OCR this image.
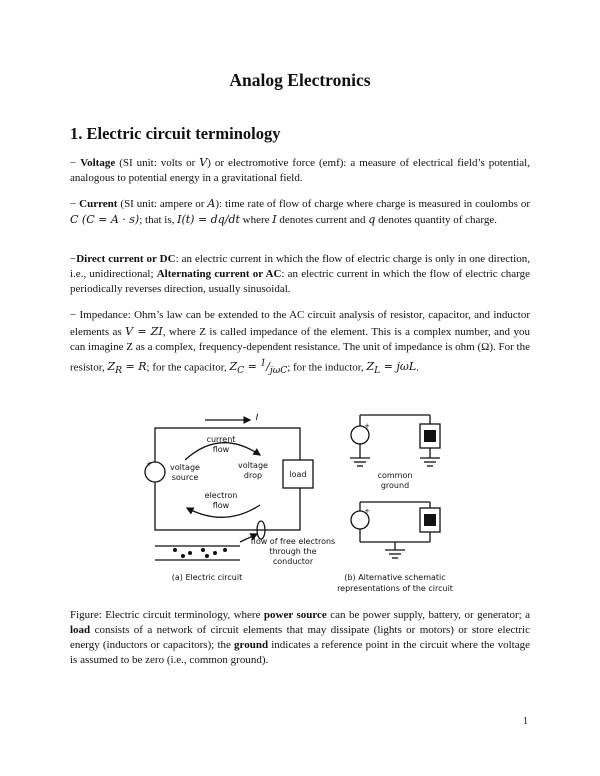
Analog Electronics
1. Electric circuit terminology

− Voltage (SI unit: volts or V) or electromotive force (emf): a measure of electrical field’s potential, analogous to potential energy in a gravitational field.

− Current (SI unit: ampere or A): time rate of flow of charge where charge is measured in coulombs or C (C = A · s); that is, I(t) = dq/dt where I denotes current and q denotes quantity of charge.

−Direct current or DC: an electric current in which the flow of electric charge is only in one direction, i.e., unidirectional; Alternating current or AC: an electric current in which the flow of electric charge periodically reverses direction, usually sinusoidal.

− Impedance: Ohm’s law can be extended to the AC circuit analysis of resistor, capacitor, and inductor elements as V = ZI, where Z is called impedance of the element. This is a complex number, and you can imagine Z as a complex, frequency-dependent resistance. The unit of impedance is ohm (Ω). For the resistor, $Z_R = R$; for the capacitor, $Z_C = ^1/_{j\omega C}$; for the inductor, $Z_L = j\omega L$.

I
current
flow
voltage
source
voltage
drop	load
electron
flow
flow of free electrons
through the
conductor
+
+
+
common
ground
(a) Electric circuit	(b) Alternative schematic
representations of the circuit

Figure: Electric circuit terminology, where power source can be power supply, battery, or generator; a load consists of a network of circuit elements that may dissipate (lights or motors) or store electric energy (inductors or capacitors); the ground indicates a reference point in the circuit where the voltage is assumed to be zero (i.e., common ground).

1
